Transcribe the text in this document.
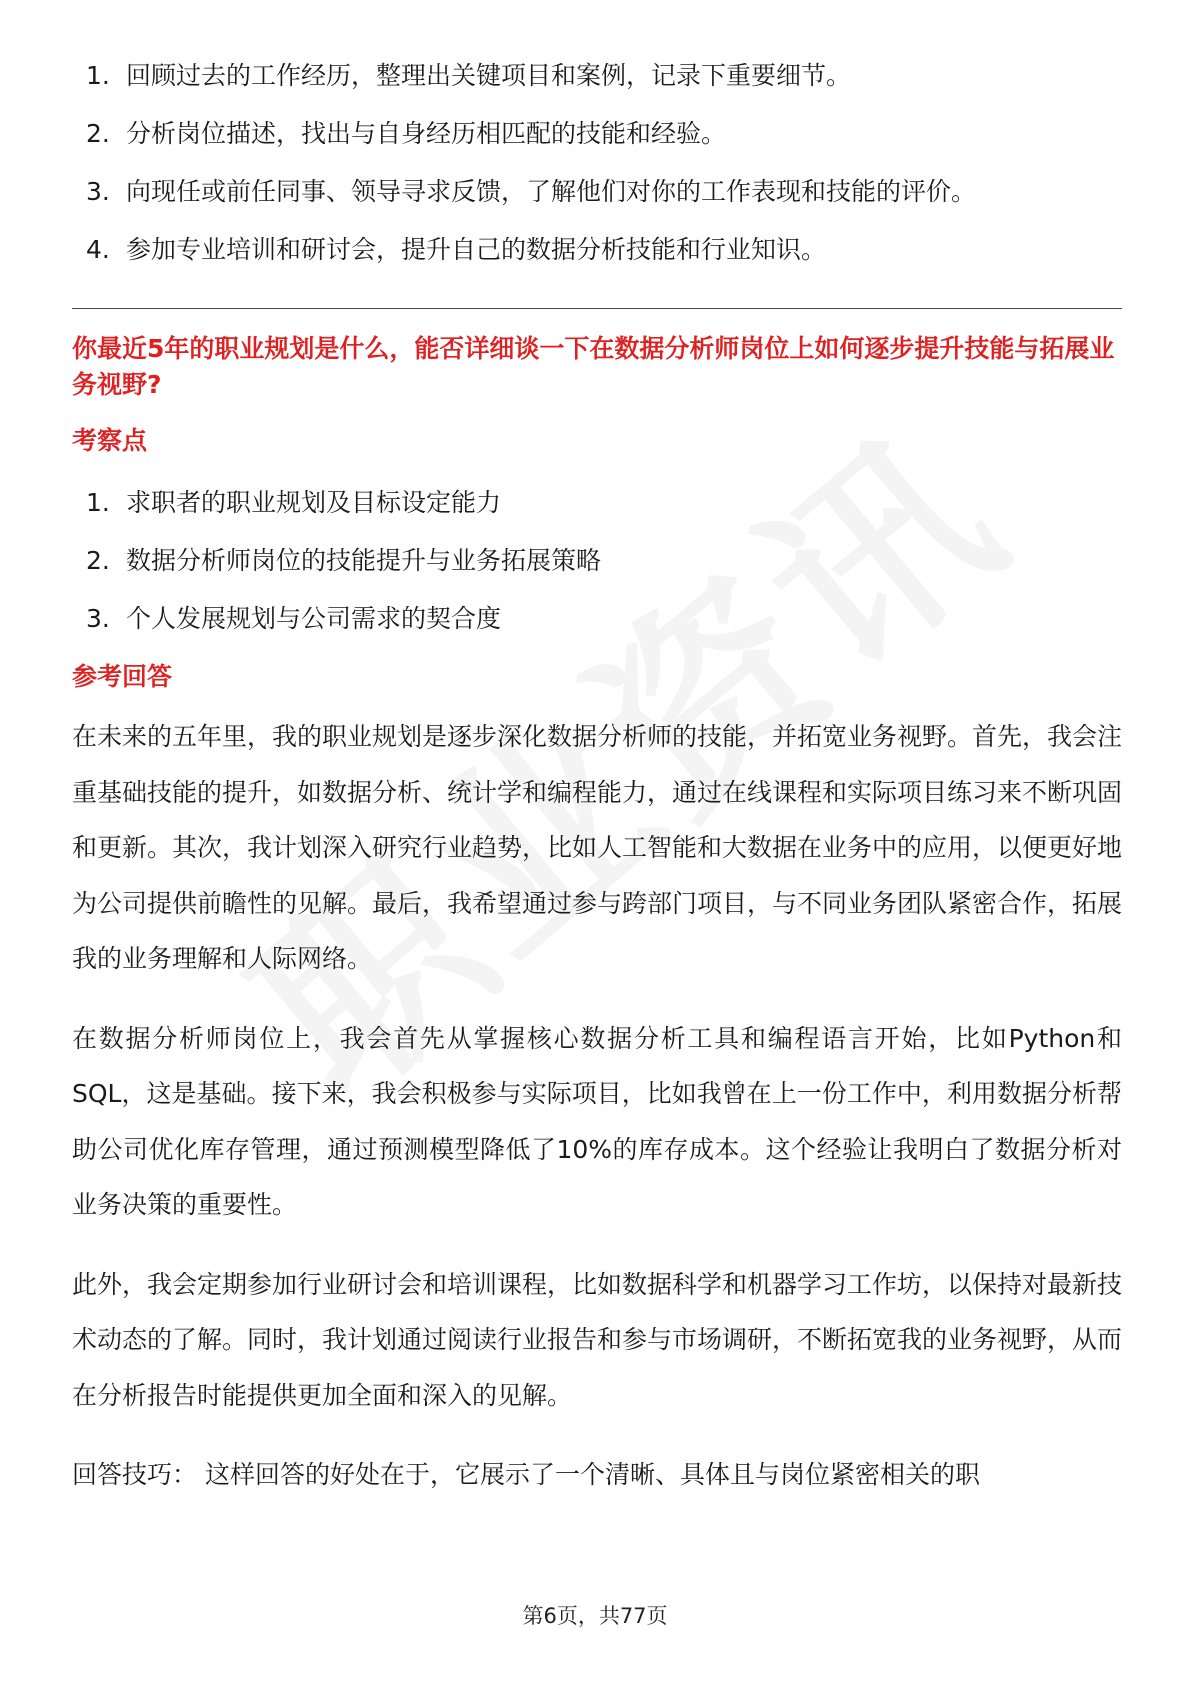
1. 回顾过去的工作经历，整理出关键项目和案例，记录下重要细节。
2. 分析岗位描述，找出与自身经历相匹配的技能和经验。
3. 向现任或前任同事、领导寻求反馈，了解他们对你的工作表现和技能的评价。
4. 参加专业培训和研讨会，提升自己的数据分析技能和行业知识。
你最近5年的职业规划是什么，能否详细谈一下在数据分析师岗位上如何逐步提升技能与拓展业务视野?
考察点
1. 求职者的职业规划及目标设定能力
2. 数据分析师岗位的技能提升与业务拓展策略
3. 个人发展规划与公司需求的契合度
参考回答

在未来的五年里，我的职业规划是逐步深化数据分析师的技能，并拓宽业务视野。首先，我会注重基础技能的提升，如数据分析、统计学和编程能力，通过在线课程和实际项目练习来不断巩固和更新。其次，我计划深入研究行业趋势，比如人工智能和大数据在业务中的应用，以便更好地为公司提供前瞻性的见解。最后，我希望通过参与跨部门项目，与不同业务团队紧密合作，拓展我的业务理解和人际网络。

在数据分析师岗位上，我会首先从掌握核心数据分析工具和编程语言开始，比如Python和SQL，这是基础。接下来，我会积极参与实际项目，比如我曾在上一份工作中，利用数据分析帮助公司优化库存管理，通过预测模型降低了10%的库存成本。这个经验让我明白了数据分析对业务决策的重要性。

此外，我会定期参加行业研讨会和培训课程，比如数据科学和机器学习工作坊，以保持对最新技术动态的了解。同时，我计划通过阅读行业报告和参与市场调研，不断拓宽我的业务视野，从而在分析报告时能提供更加全面和深入的见解。

回答技巧： 这样回答的好处在于，它展示了一个清晰、具体且与岗位紧密相关的职

第6页，共77页
